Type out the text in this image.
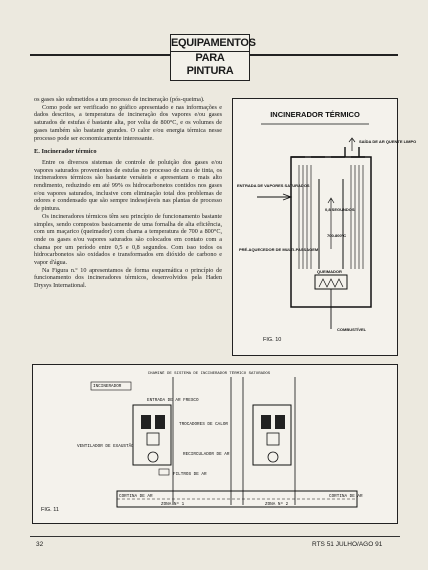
EQUIPAMENTOS
PARA PINTURA

os gases são submetidos a um processo de incineração (pós-queima).

Como pode ser verificado no gráfico apresentado e nas informações e dados descritos, a temperatura de incineração dos vapores e/ou gases saturados de estufas é bastante alta, por volta de 800°C, e os volumes de gases também são bastante grandes. O calor e/ou energia térmica nesse processo pode ser economicamente interessante.

E. Incinerador térmico

Entre os diversos sistemas de controle de poluição dos gases e/ou vapores saturados provenientes de estufas no processo de cura de tinta, os incineradores térmicos são bastante versáteis e apresentam o mais alto rendimento, reduzindo em até 99% os hidrocarbonetos contidos nos gases e/ou vapores saturados, inclusive com eliminação total dos problemas de odores e condensado que são sempre indesejáveis nas plantas de processo de pintura.

Os incineradores térmicos têm seu princípio de funcionamento bastante simples, sendo compostos basicamente de uma fornalha de alta eficiência, com um maçarico (queimador) com chama a temperatura de 700 a 800°C, onde os gases e/ou vapores saturados são colocados em contato com a chama por um período entre 0,5 e 0,8 segundos. Com isso todos os hidrocarbonetos são oxidados e transformados em dióxido de carbono e vapor d'água.

Na Figura n.º 10 apresentamos de forma esquemática o princípio de funcionamento dos incineradores térmicos, desenvolvidos pela Haden Drysys International.

INCINERADOR TÉRMICO
SAÍDA DE AR QUENTE LIMPO
ENTRADA DE VAPORES SATURADOS
0,8 SEGUNDOS
700-800°C
PRÉ-AQUECEDOR DE MULTI-PASSAGEM
QUEIMADOR
COMBUSTÍVEL
FIG. 10
CHAMINÉ DE SISTEMA DE INCINERADOR TÉRMICO SATURADOS
INCINERADOR
ENTRADA DE AR FRESCO
TROCADORES DE CALOR
VENTILADOR DE EXAUSTÃO
RECIRCULADOR DE AR
FILTROS DE AR
CORTINA DE AR
ZONA Nº 1	ZONA Nº 2
CORTINA DE AR
FIG. 11
32	RTS 51 JULHO/AGO 91
